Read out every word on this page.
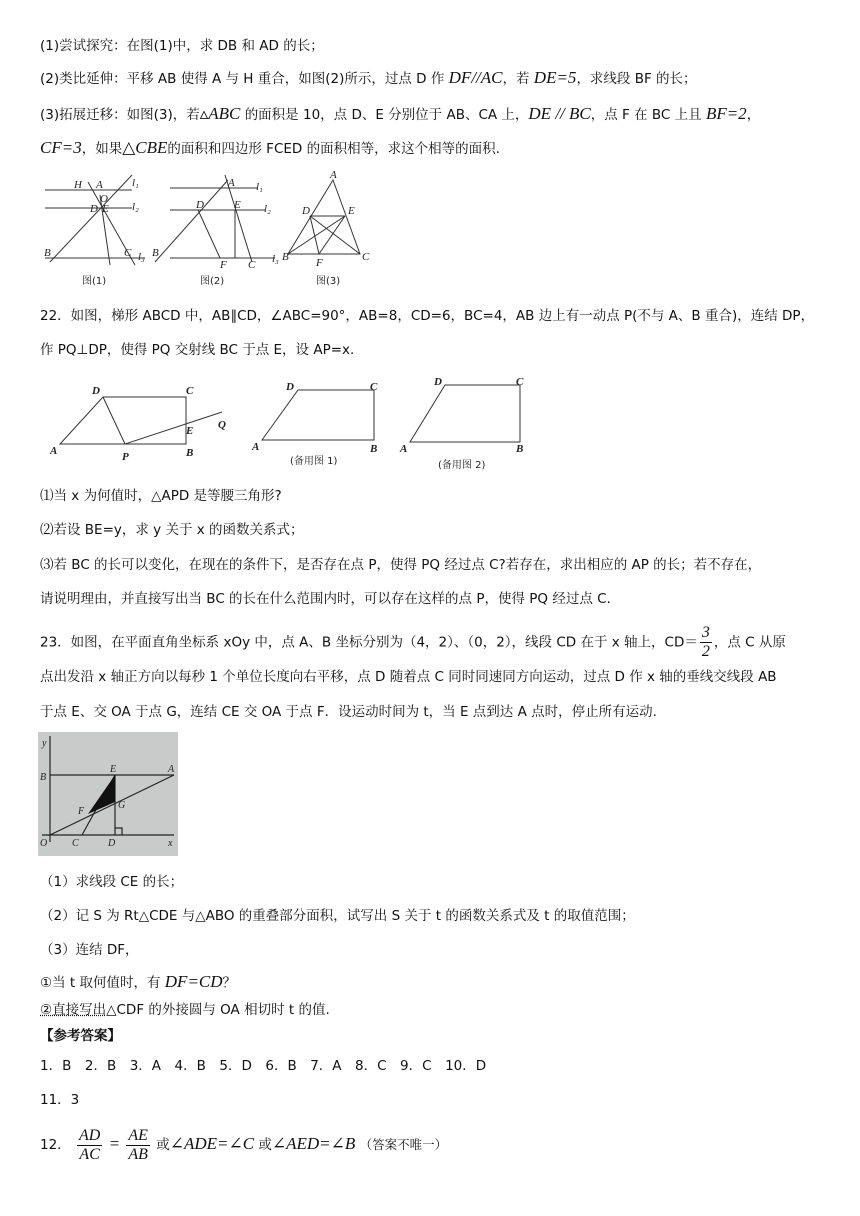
(1)尝试探究：在图(1)中，求 DB 和 AD 的长；
(2)类比延伸：平移 AB 使得 A 与 H 重合，如图(2)所示，过点 D 作 DF//AC，若 DE=5，求线段 BF 的长；
(3)拓展迁移：如图(3)，若▵ABC 的面积是 10，点 D、E 分别位于 AB、CA 上，DE // BC，点 F 在 BC 上且 BF=2，
CF=3，如果△CBE的面积和四边形 FCED 的面积相等，求这个相等的面积.
H A
O
D E
B	C
l₁
l₂
l₃
图(1)
A
D	E
B
F C
l₁
l₂
l₃
图(2)
A
D	E
B F	C
图(3)
22．如图，梯形 ABCD 中，AB∥CD，∠ABC=90°，AB=8，CD=6，BC=4，AB 边上有一动点 P(不与 A、B 重合)，连结 DP，
作 PQ⊥DP，使得 PQ 交射线 BC 于点 E，设 AP=x.
A
D	C
B
P
E Q
A
D	C
B
(备用图 1)
A
D	C
B
(备用图 2)
⑴当 x 为何值时，△APD 是等腰三角形?
⑵若设 BE=y，求 y 关于 x 的函数关系式；
⑶若 BC 的长可以变化，在现在的条件下，是否存在点 P，使得 PQ 经过点 C?若存在，求出相应的 AP 的长；若不存在，
请说明理由，并直接写出当 BC 的长在什么范围内时，可以存在这样的点 P，使得 PQ 经过点 C.
23．如图，在平面直角坐标系 xOy 中，点 A、B 坐标分别为（4，2）、（0，2），线段 CD 在于 x 轴上，$CD= \frac{3}{2}$ ，点 C 从原
点出发沿 x 轴正方向以每秒 1 个单位长度向右平移，点 D 随着点 C 同时同速同方向运动，过点 D 作 x 轴的垂线交线段 AB
于点 E、交 OA 于点 G，连结 CE 交 OA 于点 F．设运动时间为 t，当 E 点到达 A 点时，停止所有运动.
y
B
A
E
F
G
O C	D	x
（1）求线段 CE 的长；
（2）记 S 为 Rt△CDE 与△ABO 的重叠部分面积，试写出 S 关于 t 的函数关系式及 t 的取值范围；
（3）连结 DF，
①当 t 取何值时，有 DF=CD？
②直接写出△CDF 的外接圆与 OA 相切时 t 的值.
【参考答案】
1．B　2．B　3．A　4．B　5．D　6．B　7．A　8．C　9．C　10．D
11．3
12． $\frac{AD}{AC} = \frac{AE}{AB}$ 或∠ADE=∠C 或∠AED=∠B （答案不唯一）
